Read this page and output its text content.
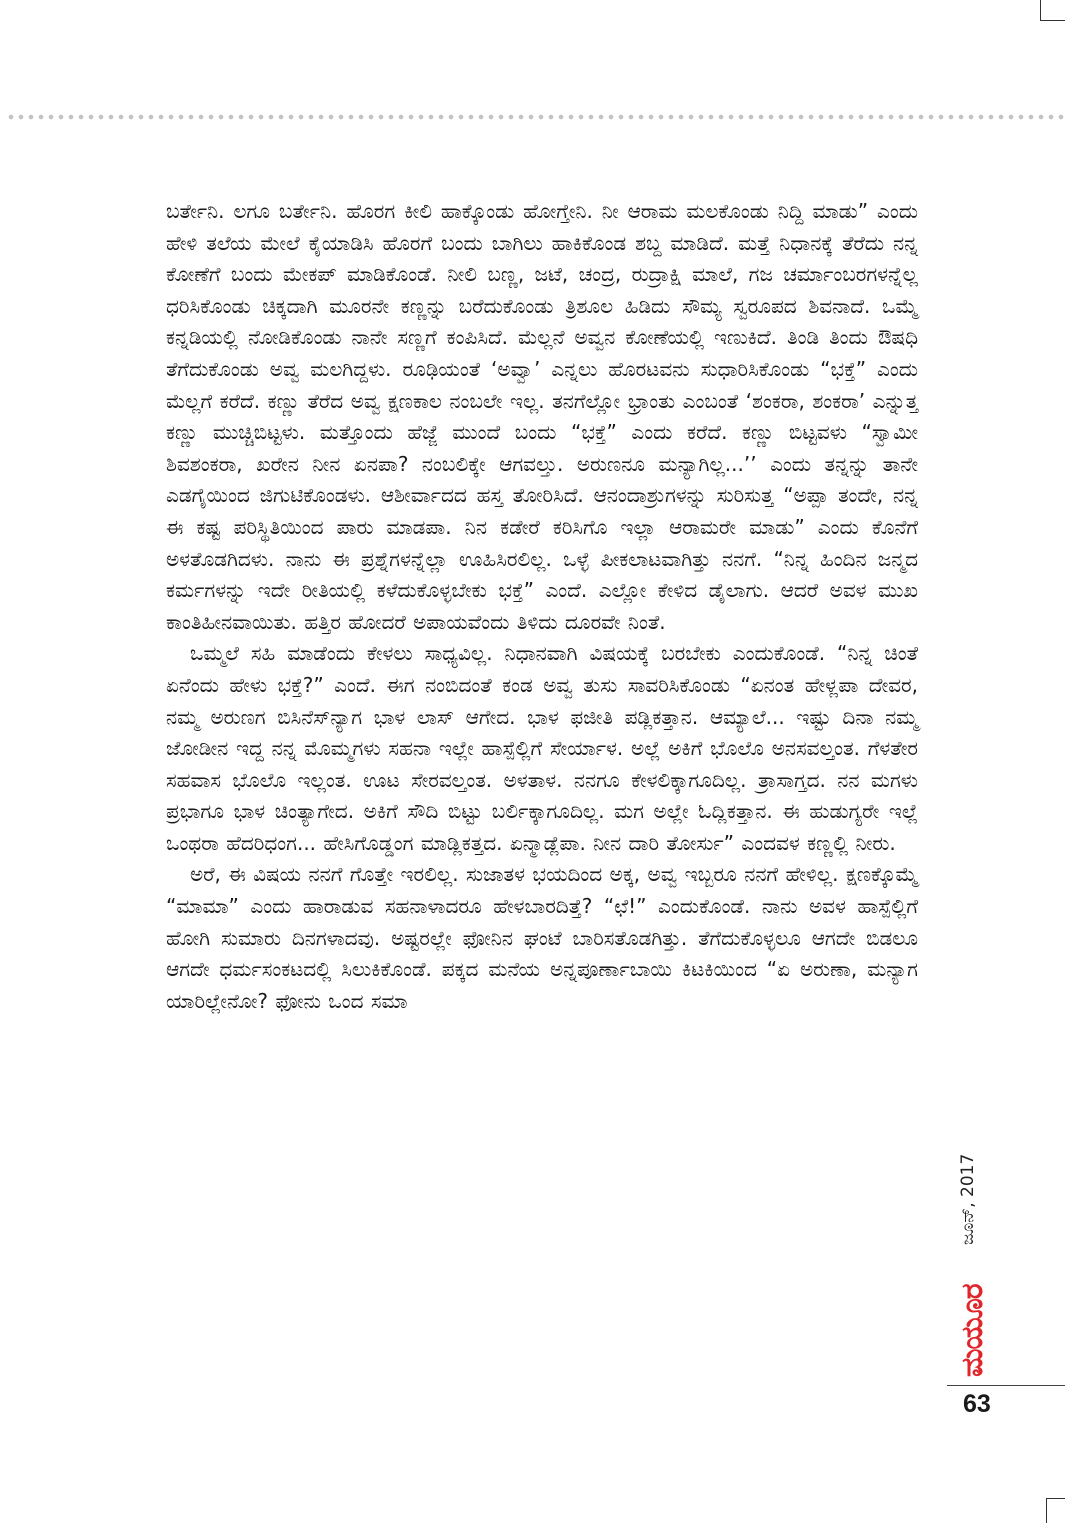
ಬರ್ತೇನಿ. ಲಗೂ ಬರ್ತೇನಿ. ಹೊರಗ ಕೀಲಿ ಹಾಕ್ಕೊಂಡು ಹೋಗ್ತೇನಿ. ನೀ ಆರಾಮ ಮಲಕೊಂಡು ನಿದ್ದಿ ಮಾಡು” ಎಂದು ಹೇಳಿ ತಲೆಯ ಮೇಲೆ ಕೈಯಾಡಿಸಿ ಹೊರಗೆ ಬಂದು ಬಾಗಿಲು ಹಾಕಿಕೊಂಡ ಶಬ್ದ ಮಾಡಿದೆ. ಮತ್ತೆ ನಿಧಾನಕ್ಕೆ ತೆರೆದು ನನ್ನ ಕೋಣೆಗೆ ಬಂದು ಮೇಕಪ್ ಮಾಡಿಕೊಂಡೆ. ನೀಲಿ ಬಣ್ಣ, ಜಟೆ, ಚಂದ್ರ, ರುದ್ರಾಕ್ಷಿ ಮಾಲೆ, ಗಜ ಚರ್ಮಾಂಬರಗಳನ್ನೆಲ್ಲ ಧರಿಸಿಕೊಂಡು ಚಿಕ್ಕದಾಗಿ ಮೂರನೇ ಕಣ್ಣನ್ನು ಬರೆದುಕೊಂಡು ತ್ರಿಶೂಲ ಹಿಡಿದು ಸೌಮ್ಯ ಸ್ವರೂಪದ ಶಿವನಾದೆ. ಒಮ್ಮೆ ಕನ್ನಡಿಯಲ್ಲಿ ನೋಡಿಕೊಂಡು ನಾನೇ ಸಣ್ಣಗೆ ಕಂಪಿಸಿದೆ. ಮೆಲ್ಲನೆ ಅವ್ವನ ಕೋಣೆಯಲ್ಲಿ ಇಣುಕಿದೆ. ತಿಂಡಿ ತಿಂದು ಔಷಧಿ ತೆಗೆದುಕೊಂಡು ಅವ್ವ ಮಲಗಿದ್ದಳು. ರೂಢಿಯಂತೆ ‘ಅವ್ವಾ’ ಎನ್ನಲು ಹೊರಟವನು ಸುಧಾರಿಸಿಕೊಂಡು “ಭಕ್ತೆ” ಎಂದು ಮೆಲ್ಲಗೆ ಕರೆದೆ. ಕಣ್ಣು ತೆರೆದ ಅವ್ವ ಕ್ಷಣಕಾಲ ನಂಬಲೇ ಇಲ್ಲ. ತನಗೆಲ್ಲೋ ಭ್ರಾಂತು ಎಂಬಂತೆ ‘ಶಂಕರಾ, ಶಂಕರಾ’ ಎನ್ನುತ್ತ ಕಣ್ಣು ಮುಚ್ಚಿಬಿಟ್ಟಳು. ಮತ್ತೊಂದು ಹೆಜ್ಜೆ ಮುಂದೆ ಬಂದು “ಭಕ್ತೆ” ಎಂದು ಕರೆದೆ. ಕಣ್ಣು ಬಿಟ್ಟವಳು “ಸ್ವಾಮೀ ಶಿವಶಂಕರಾ, ಖರೇನ ನೀನ ಏನಪಾ? ನಂಬಲಿಕ್ಕೇ ಆಗವಲ್ತು. ಅರುಣನೂ ಮನ್ಯಾಗಿಲ್ಲ...’’ ಎಂದು ತನ್ನನ್ನು ತಾನೇ ಎಡಗೈಯಿಂದ ಜಿಗುಟಿಕೊಂಡಳು. ಆಶೀರ್ವಾದದ ಹಸ್ತ ತೋರಿಸಿದೆ. ಆನಂದಾಶ್ರುಗಳನ್ನು ಸುರಿಸುತ್ತ “ಅಪ್ಪಾ ತಂದೇ, ನನ್ನ ಈ ಕಷ್ಟ ಪರಿಸ್ಥಿತಿಯಿಂದ ಪಾರು ಮಾಡಪಾ. ನಿನ ಕಡೇರೆ ಕರಿಸಿಗೊ ಇಲ್ಲಾ ಆರಾಮರೇ ಮಾಡು” ಎಂದು ಕೊನೆಗೆ ಅಳತೊಡಗಿದಳು. ನಾನು ಈ ಪ್ರಶ್ನೆಗಳನ್ನೆಲ್ಲಾ ಊಹಿಸಿರಲಿಲ್ಲ. ಒಳ್ಳೆ ಪೀಕಲಾಟವಾಗಿತ್ತು ನನಗೆ. “ನಿನ್ನ ಹಿಂದಿನ ಜನ್ಮದ ಕರ್ಮಗಳನ್ನು ಇದೇ ರೀತಿಯಲ್ಲಿ ಕಳೆದುಕೊಳ್ಳಬೇಕು ಭಕ್ತೆ” ಎಂದೆ. ಎಲ್ಲೋ ಕೇಳಿದ ಡೈಲಾಗು. ಆದರೆ ಅವಳ ಮುಖ ಕಾಂತಿಹೀನವಾಯಿತು. ಹತ್ತಿರ ಹೋದರೆ ಅಪಾಯವೆಂದು ತಿಳಿದು ದೂರವೇ ನಿಂತೆ.

ಒಮ್ಮಲೆ ಸಹಿ ಮಾಡೆಂದು ಕೇಳಲು ಸಾಧ್ಯವಿಲ್ಲ. ನಿಧಾನವಾಗಿ ವಿಷಯಕ್ಕೆ ಬರಬೇಕು ಎಂದುಕೊಂಡೆ. “ನಿನ್ನ ಚಿಂತೆ ಏನೆಂದು ಹೇಳು ಭಕ್ತೆ?” ಎಂದೆ. ಈಗ ನಂಬಿದಂತೆ ಕಂಡ ಅವ್ವ ತುಸು ಸಾವರಿಸಿಕೊಂಡು “ಏನಂತ ಹೇಳ್ಲಪಾ ದೇವರ, ನಮ್ಮ ಅರುಣಗ ಬಿಸಿನೆಸ್‌ನ್ಯಾಗ ಭಾಳ ಲಾಸ್ ಆಗೇದ. ಭಾಳ ಫಜೀತಿ ಪಡ್ಲಿಕತ್ತಾನ. ಆಮ್ಯಾಲೆ... ಇಷ್ಟು ದಿನಾ ನಮ್ಮ ಜೋಡೀನ ಇದ್ದ ನನ್ನ ಮೊಮ್ಮಗಳು ಸಹನಾ ಇಲ್ಲೇ ಹಾಸ್ಪೆಲ್ಲಿಗೆ ಸೇರ್ಯಾಳ. ಅಲ್ಲೆ ಅಕಿಗೆ ಭೊಲೊ ಅನಸವಲ್ತಂತ. ಗೆಳತೇರ ಸಹವಾಸ ಭೊಲೊ ಇಲ್ಲಂತ. ಊಟ ಸೇರವಲ್ತಂತ. ಅಳತಾಳ. ನನಗೂ ಕೇಳಲಿಕ್ಕಾಗೂದಿಲ್ಲ. ತ್ರಾಸಾಗ್ತದ. ನನ ಮಗಳು ಪ್ರಭಾಗೂ ಭಾಳ ಚಿಂತ್ಯಾಗೇದ. ಅಕಿಗೆ ಸೌದಿ ಬಿಟ್ಟು ಬರ್ಲಿಕ್ಕಾಗೂದಿಲ್ಲ. ಮಗ ಅಲ್ಲೇ ಓದ್ಲಿಕತ್ತಾನ. ಈ ಹುಡುಗ್ಯರೇ ಇಲ್ಲೆ ಒಂಥರಾ ಹೆದರಿಧಂಗ... ಹೇಸಿಗೊಡ್ಡಂಗ ಮಾಡ್ಲಿಕತ್ತದ. ಏನ್ಮಾಡ್ಲೆಪಾ. ನೀನ ದಾರಿ ತೋರ್ಸು” ಎಂದವಳ ಕಣ್ಣಲ್ಲಿ ನೀರು.

ಅರೆ, ಈ ವಿಷಯ ನನಗೆ ಗೊತ್ತೇ ಇರಲಿಲ್ಲ. ಸುಜಾತಳ ಭಯದಿಂದ ಅಕ್ಕ, ಅವ್ವ ಇಬ್ಬರೂ ನನಗೆ ಹೇಳಿಲ್ಲ. ಕ್ಷಣಕ್ಕೊಮ್ಮೆ “ಮಾಮಾ” ಎಂದು ಹಾರಾಡುವ ಸಹನಾಳಾದರೂ ಹೇಳಬಾರದಿತ್ತೆ? “ಛೆ!” ಎಂದುಕೊಂಡೆ. ನಾನು ಅವಳ ಹಾಸ್ಪೆಲ್ಲಿಗೆ ಹೋಗಿ ಸುಮಾರು ದಿನಗಳಾದವು. ಅಷ್ಟರಲ್ಲೇ ಫೋನಿನ ಘಂಟೆ ಬಾರಿಸತೊಡಗಿತ್ತು. ತೆಗೆದುಕೊಳ್ಳಲೂ ಆಗದೇ ಬಿಡಲೂ ಆಗದೇ ಧರ್ಮಸಂಕಟದಲ್ಲಿ ಸಿಲುಕಿಕೊಂಡೆ. ಪಕ್ಕದ ಮನೆಯ ಅನ್ನಪೂರ್ಣಾಬಾಯಿ ಕಿಟಕಿಯಿಂದ “ಏ ಅರುಣಾ, ಮನ್ಯಾಗ ಯಾರಿಲ್ಲೇನೋ? ಫೋನು ಒಂದ ಸಮಾ

ಜೂನ್, 2017
ಮಯೂರ
63
